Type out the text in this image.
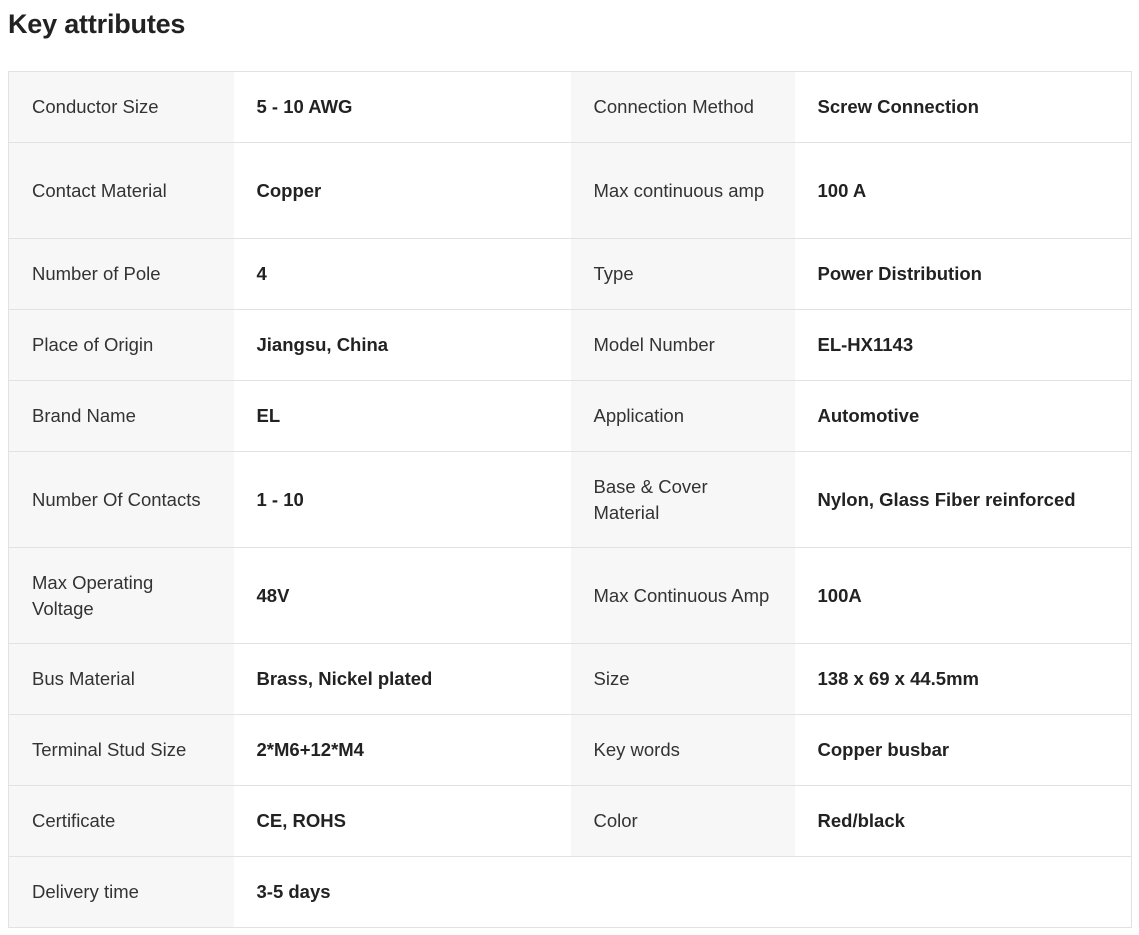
Key attributes
Conductor Size	5 - 10 AWG	Connection Method	Screw Connection
Contact Material	Copper	Max continuous amp	100 A
Number of Pole	4	Type	Power Distribution
Place of Origin	Jiangsu, China	Model Number	EL-HX1143
Brand Name	EL	Application	Automotive
Number Of Contacts	1 - 10	Base & Cover Material	Nylon, Glass Fiber reinforced
Max Operating Voltage	48V	Max Continuous Amp	100A
Bus Material	Brass, Nickel plated	Size	138 x 69 x 44.5mm
Terminal Stud Size	2*M6+12*M4	Key words	Copper busbar
Certificate	CE, ROHS	Color	Red/black
Delivery time	3-5 days		
